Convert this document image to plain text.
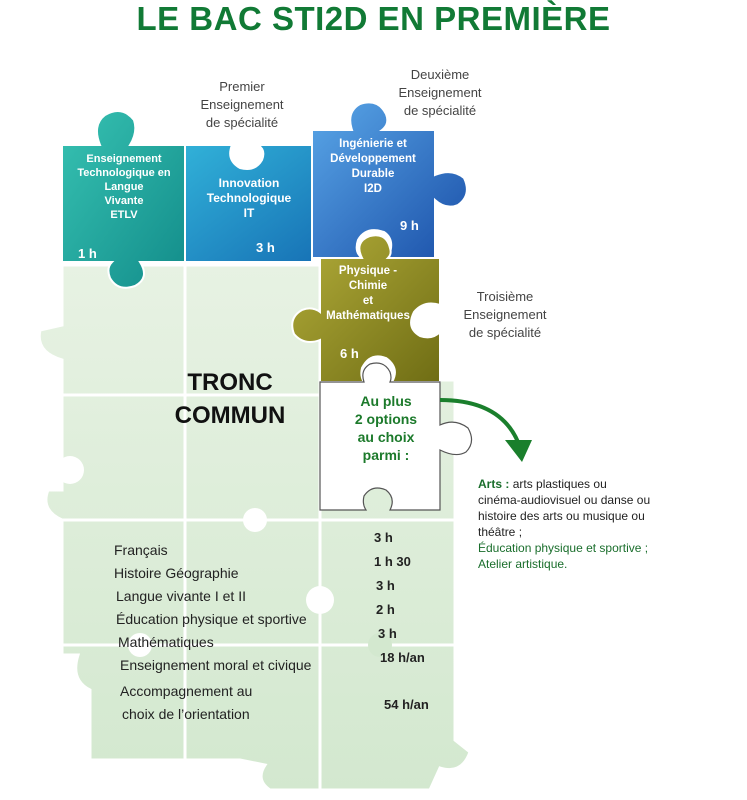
LE BAC STI2D EN PREMIÈRE
Premier
Enseignement
de spécialité
Deuxième
Enseignement
de spécialité
Troisième
Enseignement
de spécialité
Enseignement
Technologique en
Langue
Vivante
ETLV
1 h
Innovation
Technologique
IT
3 h
Ingénierie et
Développement
Durable
I2D
9 h
Physique -
Chimie
et
Mathématiques
6 h
Au plus
2 options
au choix
parmi :
TRONC
COMMUN
Français
Histoire Géographie
Langue vivante I et II
Éducation physique et sportive
Mathématiques
Enseignement moral et civique
Accompagnement au
choix de l’orientation
3 h
1 h 30
3 h
2 h
3 h
18 h/an
54 h/an
Arts : arts plastiques ou
cinéma-audiovisuel ou danse ou
histoire des arts ou musique ou
théâtre ;
Éducation physique et sportive ;
Atelier artistique.
